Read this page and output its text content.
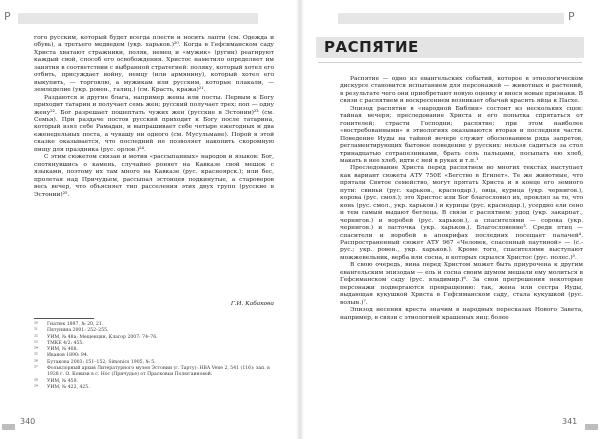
Р

гого русским, который будет всегда плести и носить лапти (см. Одежда и обувь), а третьего медведем (укр. харьков.)²⁰. Когда в Гефсиманском саду Христа хватают стражники, поляк, немец и «мужик» (ругин) реагируют каждый свой, способ его освобождения. Христос наметило определяет им занятия в соответствии с выбранной стратегией: поляку, который хотел его отбить, присуждает войну, немцу (или армянину), который хотел его выкупить, — торговлю, а мужикам или русским, которые плакали, — земледелие (укр. ровен., галиц.) (см. Красть, кража)²¹.

Раздаются и другие блага, например жены или посты. Первым к Богу приходит татарин и получает семь жен; русский получает трех; поп — одну жену²². Бог разрешает пошептать чужих жен (русские в Эстонии)²³ (см. Семья). При раздаче постов русский приходит к Богу после татарина, который взял себе Рамадан, и выпрашивает себе четыре ежегодных и два еженедельных поста, а чувашу ни одного (см. Мусульмане). Порой в этой сказке оказывается, что последний не позволяет накопить скоромную пищу для праздника (рус. орлов.)²⁴.

С этим сюжетом связан и мотив «рассыпанных» народов и языков: Бог, споткнувшись о камень, случайно роняет на Кавказе свой мешок с языками, поэтому их там много на Кавказе (рус. красноярск.); или бес, пролетая над Причудьем, рассыпал эстонцев подкинутые, а староверов весь вечер, что объясняет тип расселения этих двух групп (русские в Эстонии)²⁵.

Г.И. Кабакова
²⁰	Гнатюк 1897, № 20, 21.
²¹	Пятунина 2001: 252–255.
²²	УИМ, № 48а; Мещенцян, Клагор 2007: 74–76.
²³	ТМКЕ 4/2: 455.
²⁴	УИМ, № 408.
²⁵	Иванов 1890: 94.
²⁶	Бутакова 2003: 151–152; Simonics 1905, № 5.
²⁷	Фольклорный архив Литературного музея Эстонии (г. Тарту): НВА Vene 2, 541 (116): зап. в 1928 г. О. Ковизи в с. Нос (Причудье) от Прасковьи Полюгаиновой.
²⁸	УИМ, № 459.
²⁹	УИМ, № 422, 425.
340
Р
РАСПЯТИЕ

Распятие — одно из евангельских событий, которое в этнологическом дискурсе становится испытанием для персонажей — животных и растений, в результате чего они приобретают новую оценку и внося новые признаки. В связи с распятием и воскресением возникает обычай красить яйца к Пасхе.

Эпизод распятия в «народной Библии» состоит из нескольких сцен: тайная вечеря; преследование Христа и его попытка спрятаться от гонителей; страсти Господни; распятие; при этом наиболее «востребованными» в этиологиях оказываются вторая и последняя части. Поведение Иуды на тайной вечере служит обоснованием ряда запретов, регламентирующих бытовое поведение у русских: нельзя садиться за стол тринадцатью сотрапезниками, брать соль пальцами, посыпать ею хлеб, макать в нее хлеб, идти с ней в руках и т.п.¹

Преследование Христа перед распятием во многих текстах выступает как вариант сюжета АТУ 750E «Бегство в Египет». Те же животные, что прятали Святое семейство, могут прятать Христа и в конце его земного пути: свиньи (рус. харьков., краснодар.), овца, курица (укр. чернигов.), корова (рус. смол.); это Христос или Бог благословил их, проклял за то, что конь (рус. смол., укр. харьков.) и курицы (рус. краснодар.), усердно ели сено и тем самым выдают беглеца. В связи с распятием: удод (укр. закарпат., чернигов.) и воробей (рус. харьков.), а спасителями — сорока (укр. чернигов.) и ласточка (укр. харьков.). Благословение³. Среди птиц — спасители и воробей в апокрифах последних посещает палачей⁴. Распространенный сюжет АТУ 967 «Человек, спасенный паутиной» — (с.-рус.; укр. ровен., укр. харьков.). Кроме того, спасителями выступают можжевельник, верба или сосна, в которых скрылся Христос (рус. полес.)⁵.

В свою очередь, вина перед Христом может быть приурочена к другим евангельским эпизодам — ель и сосна своим шумом мешали ему молиться в Гефсиманском саду (рус. владимир.)⁶. За свои прегрешения некоторые персонажи подвергаются превращению: так, жена или сестра Иуды, выдающая кукушкой Христа в Гефсиманском саду, стала кукушкой (рус. волын.)⁷.

Эпизод несения креста значим в народных пересказах Нового Завета, например, в связи с этиологией крашеных яиц: более

341
